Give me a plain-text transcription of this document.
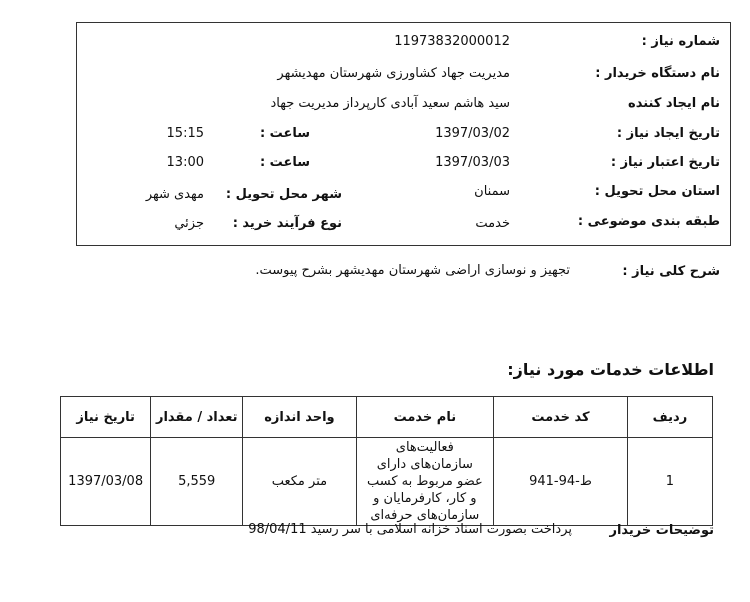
شماره نیاز :
11973832000012
نام دستگاه خریدار :
مدیریت جهاد کشاورزی شهرستان مهدیشهر
نام ایجاد کننده
سید هاشم سعید آبادی کارپرداز مدیریت جهاد
تاریخ ایجاد نیاز :
1397/03/02
ساعت :
15:15
تاریخ اعتبار نیاز :
1397/03/03
ساعت :
13:00
استان محل تحویل :
سمنان
شهر محل تحویل :
مهدی شهر
طبقه بندی موضوعی :
خدمت
نوع فرآیند خرید :
جزئي
شرح کلی نیاز :
تجهیز و نوسازی اراضی شهرستان مهدیشهر بشرح پیوست.
اطلاعات خدمات مورد نیاز:
ردیف	کد خدمت	نام خدمت	واحد اندازه	تعداد / مقدار	تاریخ نیاز
1	ط-94-941	فعالیت‌های سازمان‌های دارای عضو مربوط به کسب و کار، کارفرمایان و سازمان‌های حرفه‌ای	متر مکعب	5,559	1397/03/08
توضیحات خریدار
پرداخت بصورت اسناد خزانه اسلامی با سر رسید 98/04/11
